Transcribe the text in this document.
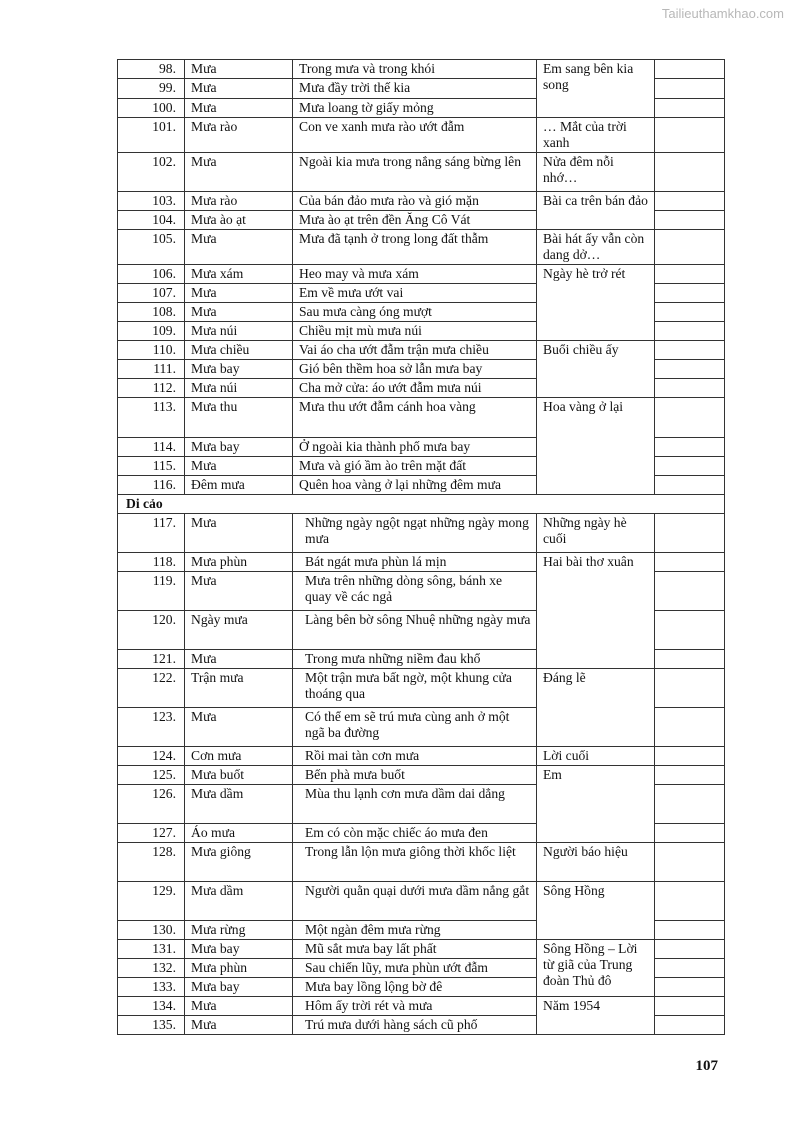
Tailieuthamkhao.com
98.	Mưa	Trong mưa và trong khói	Em sang bên kia song	
99.	Mưa	Mưa đầy trời thế kia		
100.	Mưa	Mưa loang tờ giấy mỏng		
101.	Mưa rào	Con ve xanh mưa rào ướt đẫm	… Mắt của trời xanh	
102.	Mưa	Ngoài kia mưa trong nắng sáng bừng lên	Nửa đêm nỗi nhớ…	
103.	Mưa rào	Của bán đảo mưa rào và gió mặn	Bài ca trên bán đảo	
104.	Mưa ào ạt	Mưa ào ạt trên đền Ăng Cô Vát		
105.	Mưa	Mưa đã tạnh ở trong long đất thẫm	Bài hát ấy vẫn còn dang dở…	
106.	Mưa xám	Heo may và mưa xám	Ngày hè trở rét	
107.	Mưa	Em về mưa ướt vai		
108.	Mưa	Sau mưa càng óng mượt		
109.	Mưa núi	Chiều mịt mù mưa núi		
110.	Mưa chiều	Vai áo cha ướt đẫm trận mưa chiều	Buổi chiều ấy	
111.	Mưa bay	Gió bên thềm hoa sở lẫn mưa bay		
112.	Mưa núi	Cha mở cửa: áo ướt đẫm mưa núi		
113.	Mưa thu	Mưa thu ướt đẫm cánh hoa vàng	Hoa vàng ở lại	
114.	Mưa bay	Ở ngoài kia thành phố mưa bay		
115.	Mưa	Mưa và gió ầm ào trên mặt đất		
116.	Đêm mưa	Quên hoa vàng ở lại những đêm mưa		
Di cảo				
117.	Mưa	Những ngày ngột ngạt những ngày mong mưa	Những ngày hè cuối	
118.	Mưa phùn	Bát ngát mưa phùn lá mịn	Hai bài thơ xuân	
119.	Mưa	Mưa trên những dòng sông, bánh xe quay về các ngả		
120.	Ngày mưa	Làng bên bờ sông Nhuệ những ngày mưa		
121.	Mưa	Trong mưa những niềm đau khổ		
122.	Trận mưa	Một trận mưa bất ngờ, một khung cửa thoáng qua	Đáng lẽ	
123.	Mưa	Có thể em sẽ trú mưa cùng anh ở một ngã ba đường		
124.	Cơn mưa	Rồi mai tàn cơn mưa	Lời cuối	
125.	Mưa buốt	Bến phà mưa buốt	Em	
126.	Mưa dầm	Mùa thu lạnh cơn mưa dầm dai dẳng		
127.	Áo mưa	Em có còn mặc chiếc áo mưa đen		
128.	Mưa giông	Trong lẫn lộn mưa giông thời khốc liệt	Người báo hiệu	
129.	Mưa dầm	Người quằn quại dưới mưa dầm nắng gắt	Sông Hồng	
130.	Mưa rừng	Một ngàn đêm mưa rừng		
131.	Mưa bay	Mũ sắt mưa bay lất phất	Sông Hồng – Lời từ giã của Trung đoàn Thủ đô	
132.	Mưa phùn	Sau chiến lũy, mưa phùn ướt đẫm		
133.	Mưa bay	Mưa bay lồng lộng bờ đê		
134.	Mưa	Hôm ấy trời rét và mưa	Năm 1954	
135.	Mưa	Trú mưa dưới hàng sách cũ phố		
107
